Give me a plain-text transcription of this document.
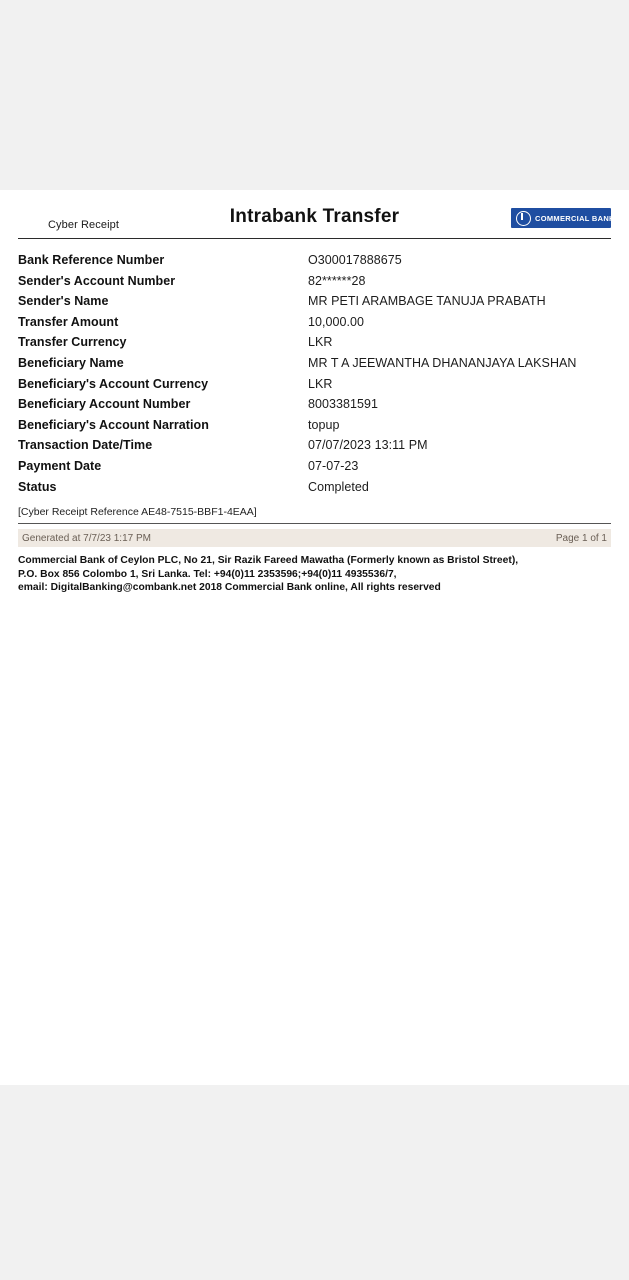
Cyber Receipt	Intrabank Transfer	COMMERCIAL BANK
Bank Reference Number	O300017888675
Sender's Account Number	82******28
Sender's Name	MR PETI ARAMBAGE TANUJA PRABATH
Transfer Amount	10,000.00
Transfer Currency	LKR
Beneficiary Name	MR T A JEEWANTHA DHANANJAYA LAKSHAN
Beneficiary's Account Currency	LKR
Beneficiary Account Number	8003381591
Beneficiary's Account Narration	topup
Transaction Date/Time	07/07/2023 13:11 PM
Payment Date	07-07-23
Status	Completed
[Cyber Receipt Reference AE48-7515-BBF1-4EAA]
Generated at 7/7/23 1:17 PM	Page 1 of 1
Commercial Bank of Ceylon PLC, No 21, Sir Razik Fareed Mawatha (Formerly known as Bristol Street),
P.O. Box 856 Colombo 1, Sri Lanka. Tel: +94(0)11 2353596;+94(0)11 4935536/7,
email: DigitalBanking@combank.net 2018 Commercial Bank online, All rights reserved
